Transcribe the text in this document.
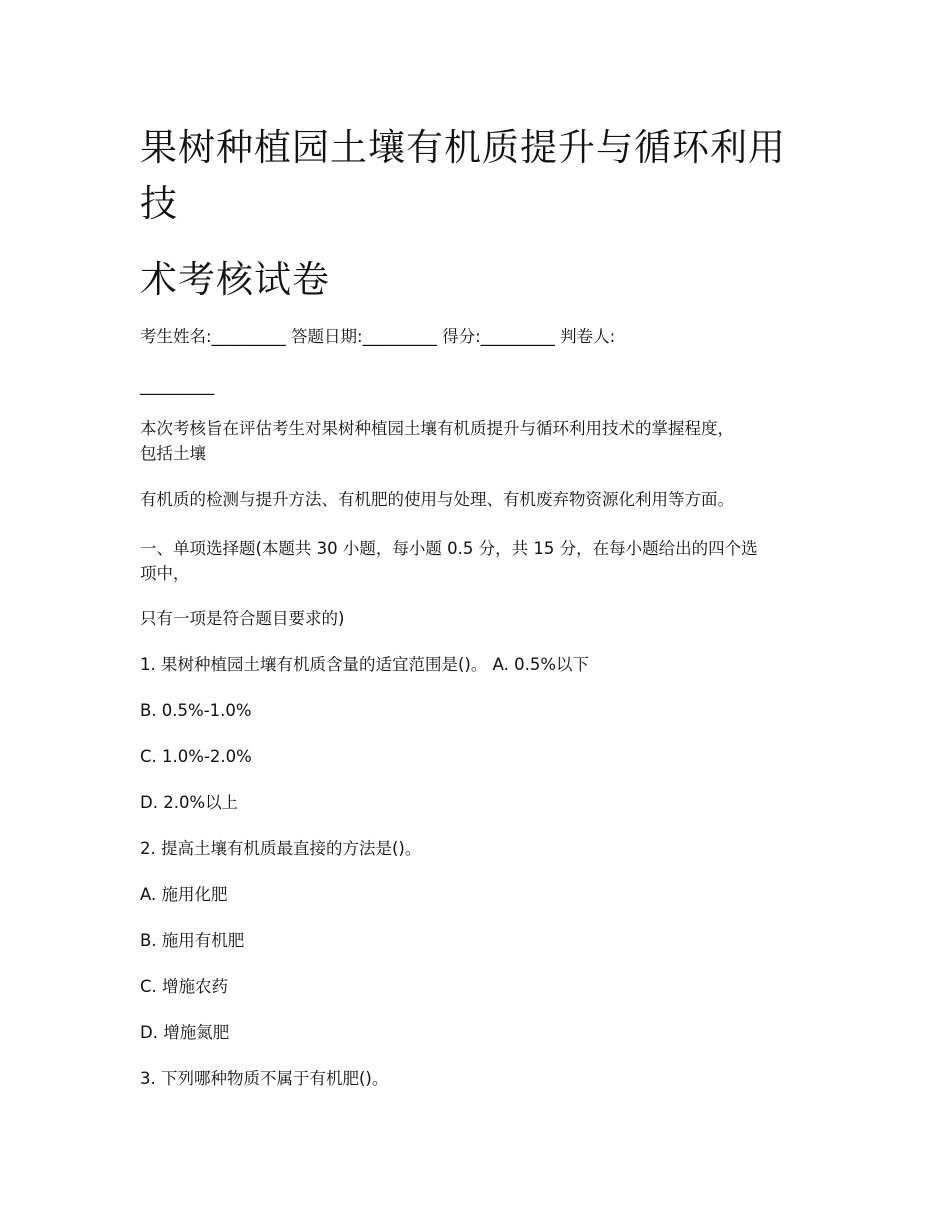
果树种植园土壤有机质提升与循环利用
技
术考核试卷
考生姓名:_________ 答题日期:_________ 得分:_________ 判卷人:
_________
本次考核旨在评估考生对果树种植园土壤有机质提升与循环利用技术的掌握程度，
包括土壤
有机质的检测与提升方法、有机肥的使用与处理、有机废弃物资源化利用等方面。
一、单项选择题(本题共 30 小题，每小题 0.5 分，共 15 分，在每小题给出的四个选
项中，
只有一项是符合题目要求的)
1. 果树种植园土壤有机质含量的适宜范围是()。 A. 0.5%以下
B. 0.5%-1.0%
C. 1.0%-2.0%
D. 2.0%以上
2. 提高土壤有机质最直接的方法是()。
A. 施用化肥
B. 施用有机肥
C. 增施农药
D. 增施氮肥
3. 下列哪种物质不属于有机肥()。
